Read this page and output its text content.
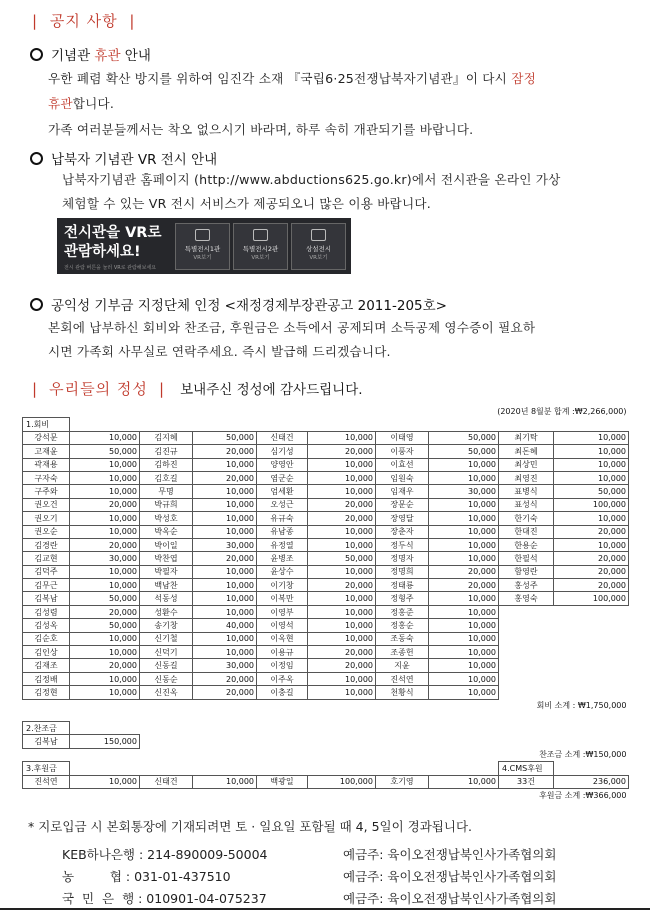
| 공지 사항 |
기념관 휴관 안내
우한 폐렴 확산 방지를 위하여 임진각 소재 『국립6·25전쟁납북자기념관』이 다시 잠정
휴관합니다.
가족 여러분들께서는 착오 없으시기 바라며, 하루 속히 개관되기를 바랍니다.
납북자 기념관 VR 전시 안내
납북자기념관 홈페이지 (http://www.abductions625.go.kr)에서 전시관을 온라인 가상
체험할 수 있는 VR 전시 서비스가 제공되오니 많은 이용 바랍니다.
전시관을 VR로
관람하세요!
전시 관람 버튼을 눌러 VR로 관람해보세요
특별전시1관
VR보기
특별전시2관
VR보기
상설전시
VR보기
공익성 기부금 지정단체 인정 <재정경제부장관공고 2011-205호>
본회에 납부하신 회비와 찬조금, 후원금은 소득에서 공제되며 소득공제 영수증이 필요하
시면 가족회 사무실로 연락주세요. 즉시 발급해 드리겠습니다.
| 우리들의 정성 | 보내주신 정성에 감사드립니다.
(2020년 8월분 합계 :₩2,266,000)									
1.회비									
강석문	10,000	김지혜	50,000	신태건	10,000	이태영	50,000	최기탁	10,000
고재윤	50,000	김진규	20,000	심기성	20,000	이풍자	50,000	최돈혜	10,000
곽재용	10,000	김하진	10,000	양영안	10,000	이효선	10,000	최상민	10,000
구자숙	10,000	김호길	20,000	염군순	10,000	임원숙	10,000	최영진	10,000
구주와	10,000	무명	10,000	엄세환	10,000	임재우	30,000	표병식	50,000
권오건	20,000	박규희	10,000	오성근	20,000	장문순	10,000	표성식	100,000
권오기	10,000	박성호	10,000	유규숙	20,000	장영달	10,000	한기숙	10,000
권오순	10,000	박옥순	10,000	유남종	10,000	장춘자	10,000	한대진	20,000
김경란	20,000	박이일	30,000	유정열	10,000	정두식	10,000	한용순	10,000
김교현	30,000	박찬엽	20,000	윤병조	50,000	정명자	10,000	한필석	20,000
김덕주	10,000	박필자	10,000	윤상수	10,000	정명희	20,000	함영란	20,000
김무근	10,000	백남찬	10,000	이기창	20,000	정태룡	20,000	홍성주	20,000
김복남	50,000	석동성	10,000	이복만	10,000	정형주	10,000	홍영숙	100,000
김성렴	20,000	성환수	10,000	이영부	10,000	정홍준	10,000		
김성옥	50,000	송기창	40,000	이영석	10,000	정홍순	10,000		
김순호	10,000	신기철	10,000	이옥현	10,000	조동숙	10,000		
김인상	10,000	신덕기	10,000	이용규	20,000	조종헌	10,000		
김재조	20,000	신동길	30,000	이정임	20,000	지윤	10,000		
김정배	10,000	신동순	20,000	이주옥	10,000	진석연	10,000		
김정현	10,000	신진옥	20,000	이충길	10,000	천황식	10,000		
회비 소계 : ₩1,750,000									

2.찬조금									
김복남	150,000								
찬조금 소계 :₩150,000									
3.후원금								4.CMS후원	
진석연	10,000	신태건	10,000	백광일	100,000	호기영	10,000	33건	236,000
후원금 소계 :₩366,000									
* 지로입금 시 본회통장에 기재되려면 토 · 일요일 포함될 때 4, 5일이 경과됩니다.
KEB하나은행 : 214-890009-50004	예금주: 육이오전쟁납북인사가족협의회
농         협 : 031-01-437510	예금주: 육이오전쟁납북인사가족협의회
국  민  은  행 : 010901-04-075237	예금주: 육이오전쟁납북인사가족협의회
